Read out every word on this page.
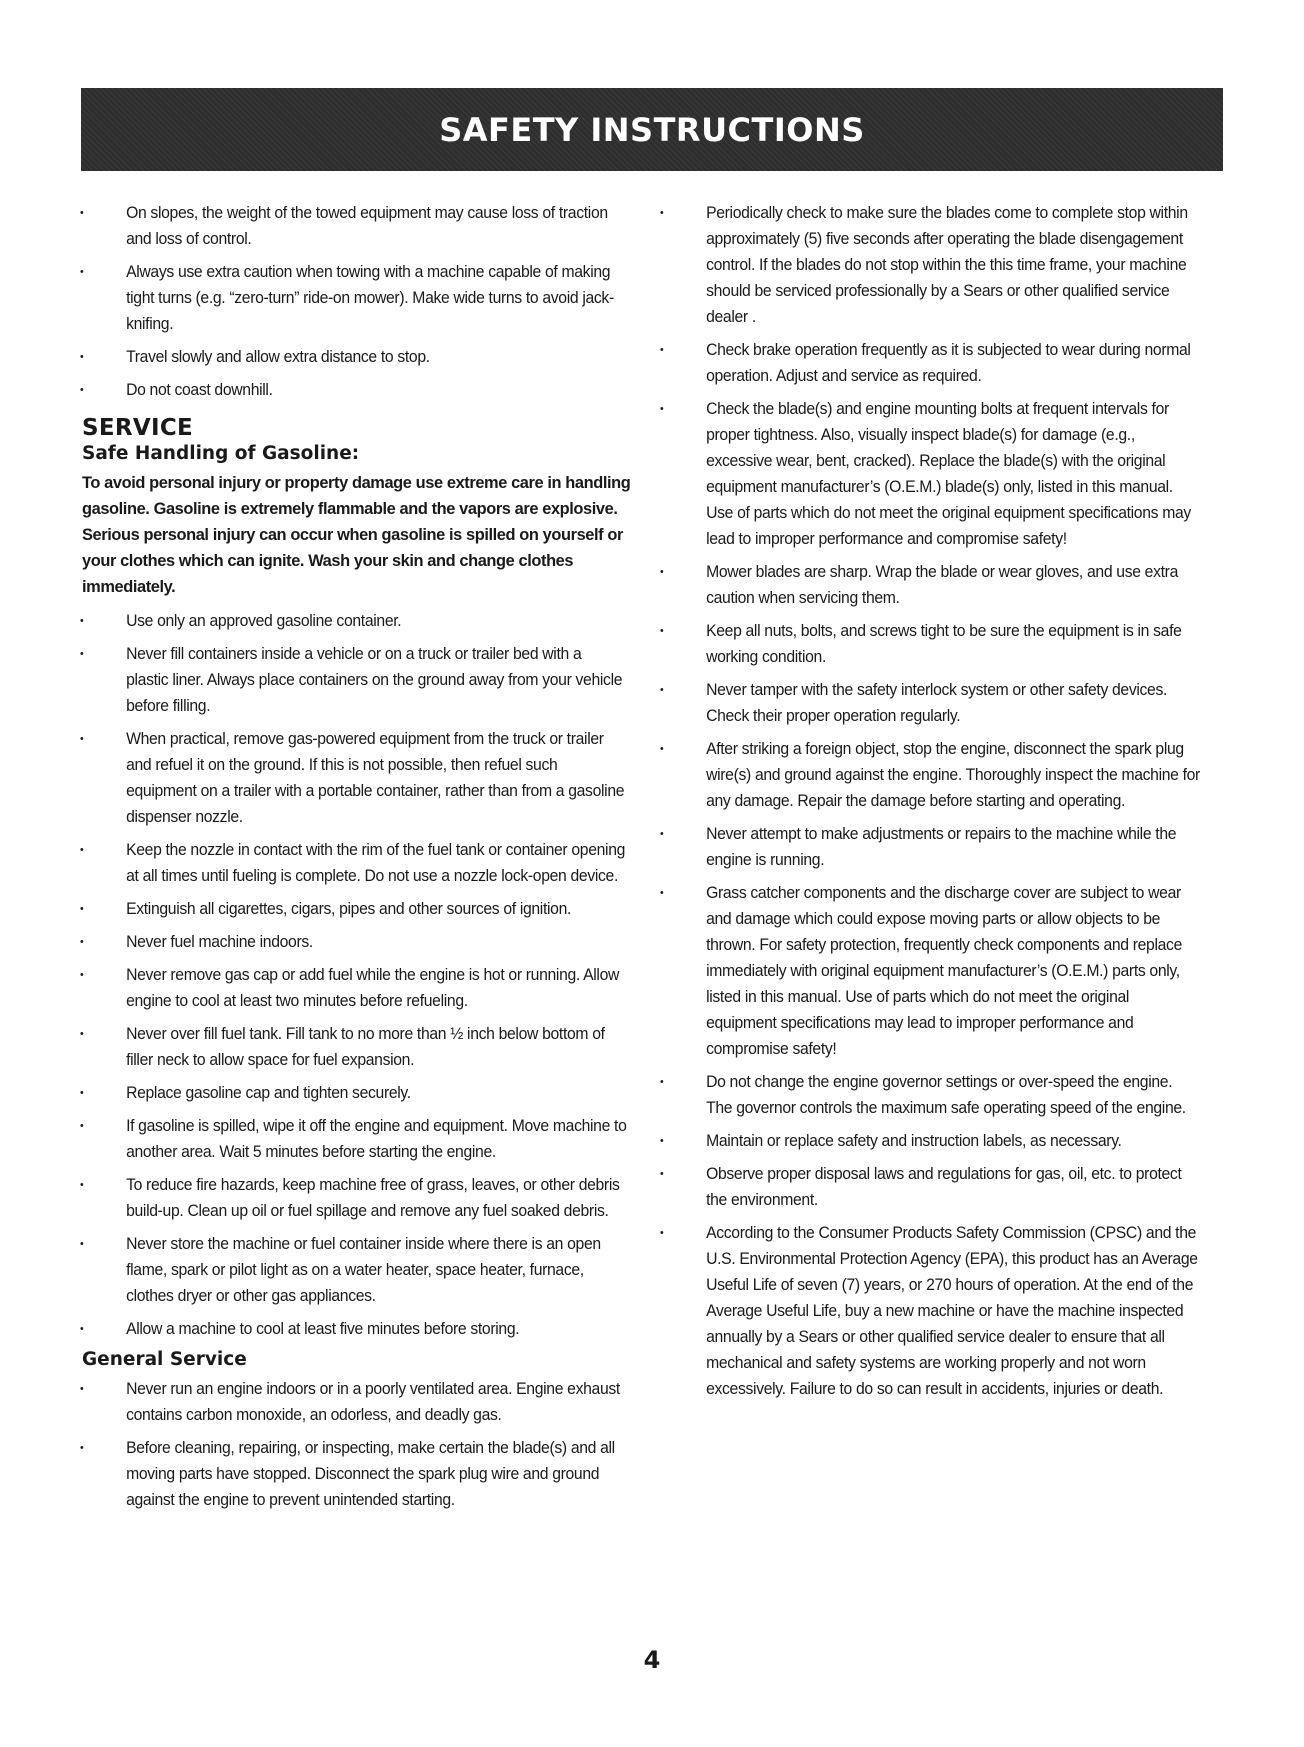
SAFETY INSTRUCTIONS
• On slopes, the weight of the towed equipment may cause loss of traction and loss of control.
• Always use extra caution when towing with a machine capable of making tight turns (e.g. “zero-turn” ride-on mower). Make wide turns to avoid jack-knifing.
• Travel slowly and allow extra distance to stop.
• Do not coast downhill.
SERVICE
Safe Handling of Gasoline:
To avoid personal injury or property damage use extreme care in handling gasoline. Gasoline is extremely flammable and the vapors are explosive. Serious personal injury can occur when gasoline is spilled on yourself or your clothes which can ignite. Wash your skin and change clothes immediately.
• Use only an approved gasoline container.
• Never fill containers inside a vehicle or on a truck or trailer bed with a plastic liner. Always place containers on the ground away from your vehicle before filling.
• When practical, remove gas-powered equipment from the truck or trailer and refuel it on the ground. If this is not possible, then refuel such equipment on a trailer with a portable container, rather than from a gasoline dispenser nozzle.
• Keep the nozzle in contact with the rim of the fuel tank or container opening at all times until fueling is complete. Do not use a nozzle lock-open device.
• Extinguish all cigarettes, cigars, pipes and other sources of ignition.
• Never fuel machine indoors.
• Never remove gas cap or add fuel while the engine is hot or running. Allow engine to cool at least two minutes before refueling.
• Never over fill fuel tank. Fill tank to no more than ½ inch below bottom of filler neck to allow space for fuel expansion.
• Replace gasoline cap and tighten securely.
• If gasoline is spilled, wipe it off the engine and equipment. Move machine to another area. Wait 5 minutes before starting the engine.
• To reduce fire hazards, keep machine free of grass, leaves, or other debris build-up. Clean up oil or fuel spillage and remove any fuel soaked debris.
• Never store the machine or fuel container inside where there is an open flame, spark or pilot light as on a water heater, space heater, furnace, clothes dryer or other gas appliances.
• Allow a machine to cool at least five minutes before storing.
General Service
• Never run an engine indoors or in a poorly ventilated area. Engine exhaust contains carbon monoxide, an odorless, and deadly gas.
• Before cleaning, repairing, or inspecting, make certain the blade(s) and all moving parts have stopped. Disconnect the spark plug wire and ground against the engine to prevent unintended starting.
• Periodically check to make sure the blades come to complete stop within approximately (5) five seconds after operating the blade disengagement control. If the blades do not stop within the this time frame, your machine should be serviced professionally by a Sears or other qualified service dealer .
• Check brake operation frequently as it is subjected to wear during normal operation. Adjust and service as required.
• Check the blade(s) and engine mounting bolts at frequent intervals for proper tightness. Also, visually inspect blade(s) for damage (e.g., excessive wear, bent, cracked). Replace the blade(s) with the original equipment manufacturer’s (O.E.M.) blade(s) only, listed in this manual. Use of parts which do not meet the original equipment specifications may lead to improper performance and compromise safety!
• Mower blades are sharp. Wrap the blade or wear gloves, and use extra caution when servicing them.
• Keep all nuts, bolts, and screws tight to be sure the equipment is in safe working condition.
• Never tamper with the safety interlock system or other safety devices. Check their proper operation regularly.
• After striking a foreign object, stop the engine, disconnect the spark plug wire(s) and ground against the engine. Thoroughly inspect the machine for any damage. Repair the damage before starting and operating.
• Never attempt to make adjustments or repairs to the machine while the engine is running.
• Grass catcher components and the discharge cover are subject to wear and damage which could expose moving parts or allow objects to be thrown. For safety protection, frequently check components and replace immediately with original equipment manufacturer’s (O.E.M.) parts only, listed in this manual. Use of parts which do not meet the original equipment specifications may lead to improper performance and compromise safety!
• Do not change the engine governor settings or over-speed the engine. The governor controls the maximum safe operating speed of the engine.
• Maintain or replace safety and instruction labels, as necessary.
• Observe proper disposal laws and regulations for gas, oil, etc. to protect the environment.
• According to the Consumer Products Safety Commission (CPSC) and the U.S. Environmental Protection Agency (EPA), this product has an Average Useful Life of seven (7) years, or 270 hours of operation. At the end of the Average Useful Life, buy a new machine or have the machine inspected annually by a Sears or other qualified service dealer to ensure that all mechanical and safety systems are working properly and not worn excessively. Failure to do so can result in accidents, injuries or death.
4
